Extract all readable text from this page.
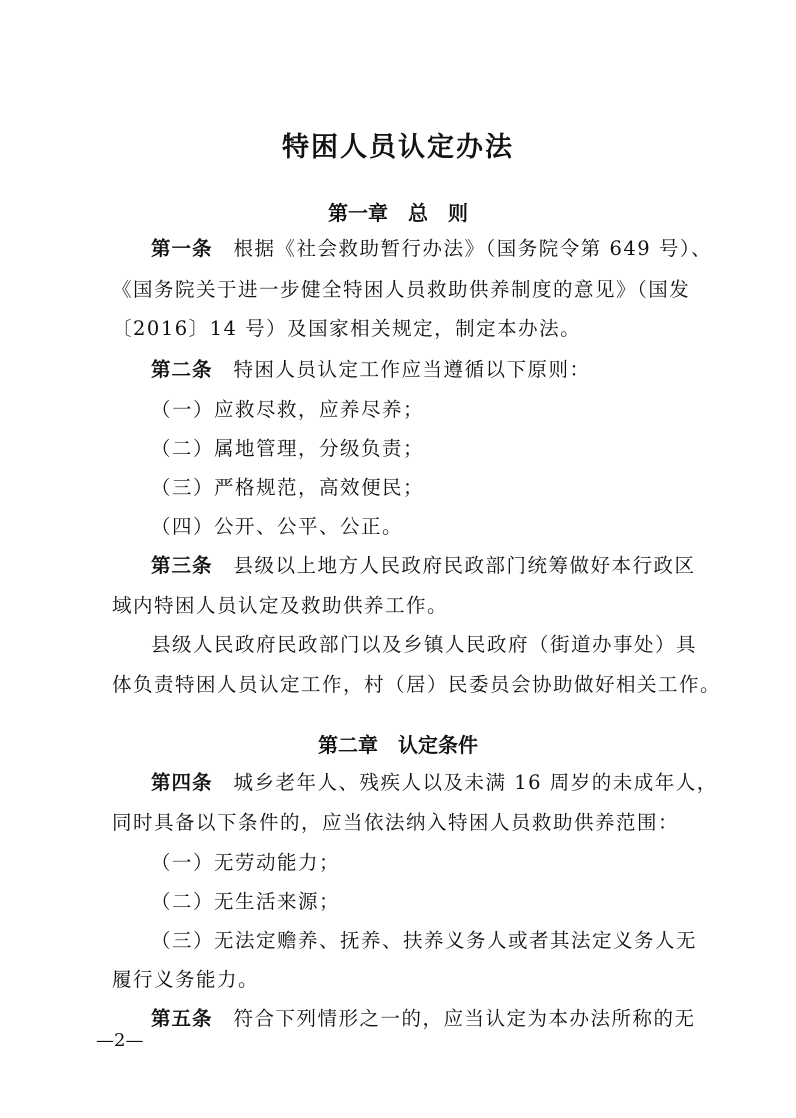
特困人员认定办法
第一章　总　则
第一条　根据《社会救助暂行办法》（国务院令第 649 号）、
《国务院关于进一步健全特困人员救助供养制度的意见》（国发
〔2016〕14 号）及国家相关规定，制定本办法。
第二条　特困人员认定工作应当遵循以下原则：
（一）应救尽救，应养尽养；
（二）属地管理，分级负责；
（三）严格规范，高效便民；
（四）公开、公平、公正。
第三条　县级以上地方人民政府民政部门统筹做好本行政区
域内特困人员认定及救助供养工作。
县级人民政府民政部门以及乡镇人民政府（街道办事处）具
体负责特困人员认定工作，村（居）民委员会协助做好相关工作。
第二章　认定条件
第四条　城乡老年人、残疾人以及未满 16 周岁的未成年人，
同时具备以下条件的，应当依法纳入特困人员救助供养范围：
（一）无劳动能力；
（二）无生活来源；
（三）无法定赡养、抚养、扶养义务人或者其法定义务人无
履行义务能力。
第五条　符合下列情形之一的，应当认定为本办法所称的无
—2—
